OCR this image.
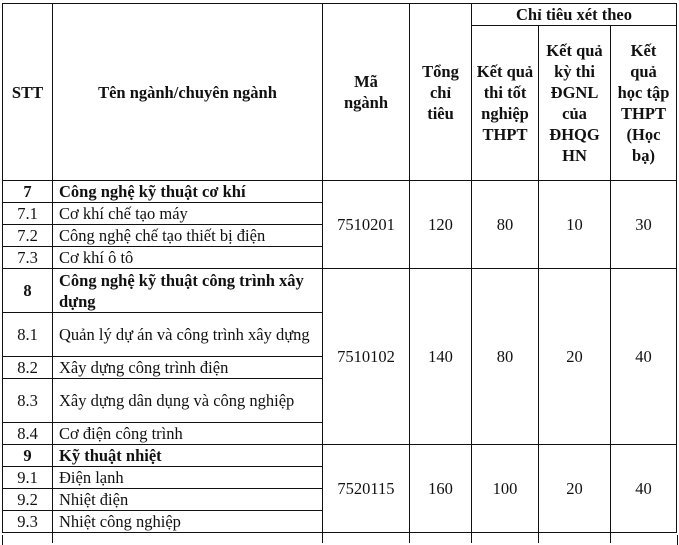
STT	Tên ngành/chuyên ngành	Mã ngành	Tổng chỉ tiêu	Chỉ tiêu xét theo		
				Kết quả thi tốt nghiệp THPT	Kết quả kỳ thi ĐGNL của ĐHQG HN	Kết quả học tập THPT (Học bạ)
7	Công nghệ kỹ thuật cơ khí	7510201	120	80	10	30
7.1	Cơ khí chế tạo máy					
7.2	Công nghệ chế tạo thiết bị điện					
7.3	Cơ khí ô tô					
8	Công nghệ kỹ thuật công trình xây dựng	7510102	140	80	20	40
8.1	Quản lý dự án và công trình xây dựng					
8.2	Xây dựng công trình điện					
8.3	Xây dựng dân dụng và công nghiệp					
8.4	Cơ điện công trình					
9	Kỹ thuật nhiệt	7520115	160	100	20	40
9.1	Điện lạnh					
9.2	Nhiệt điện					
9.3	Nhiệt công nghiệp					
